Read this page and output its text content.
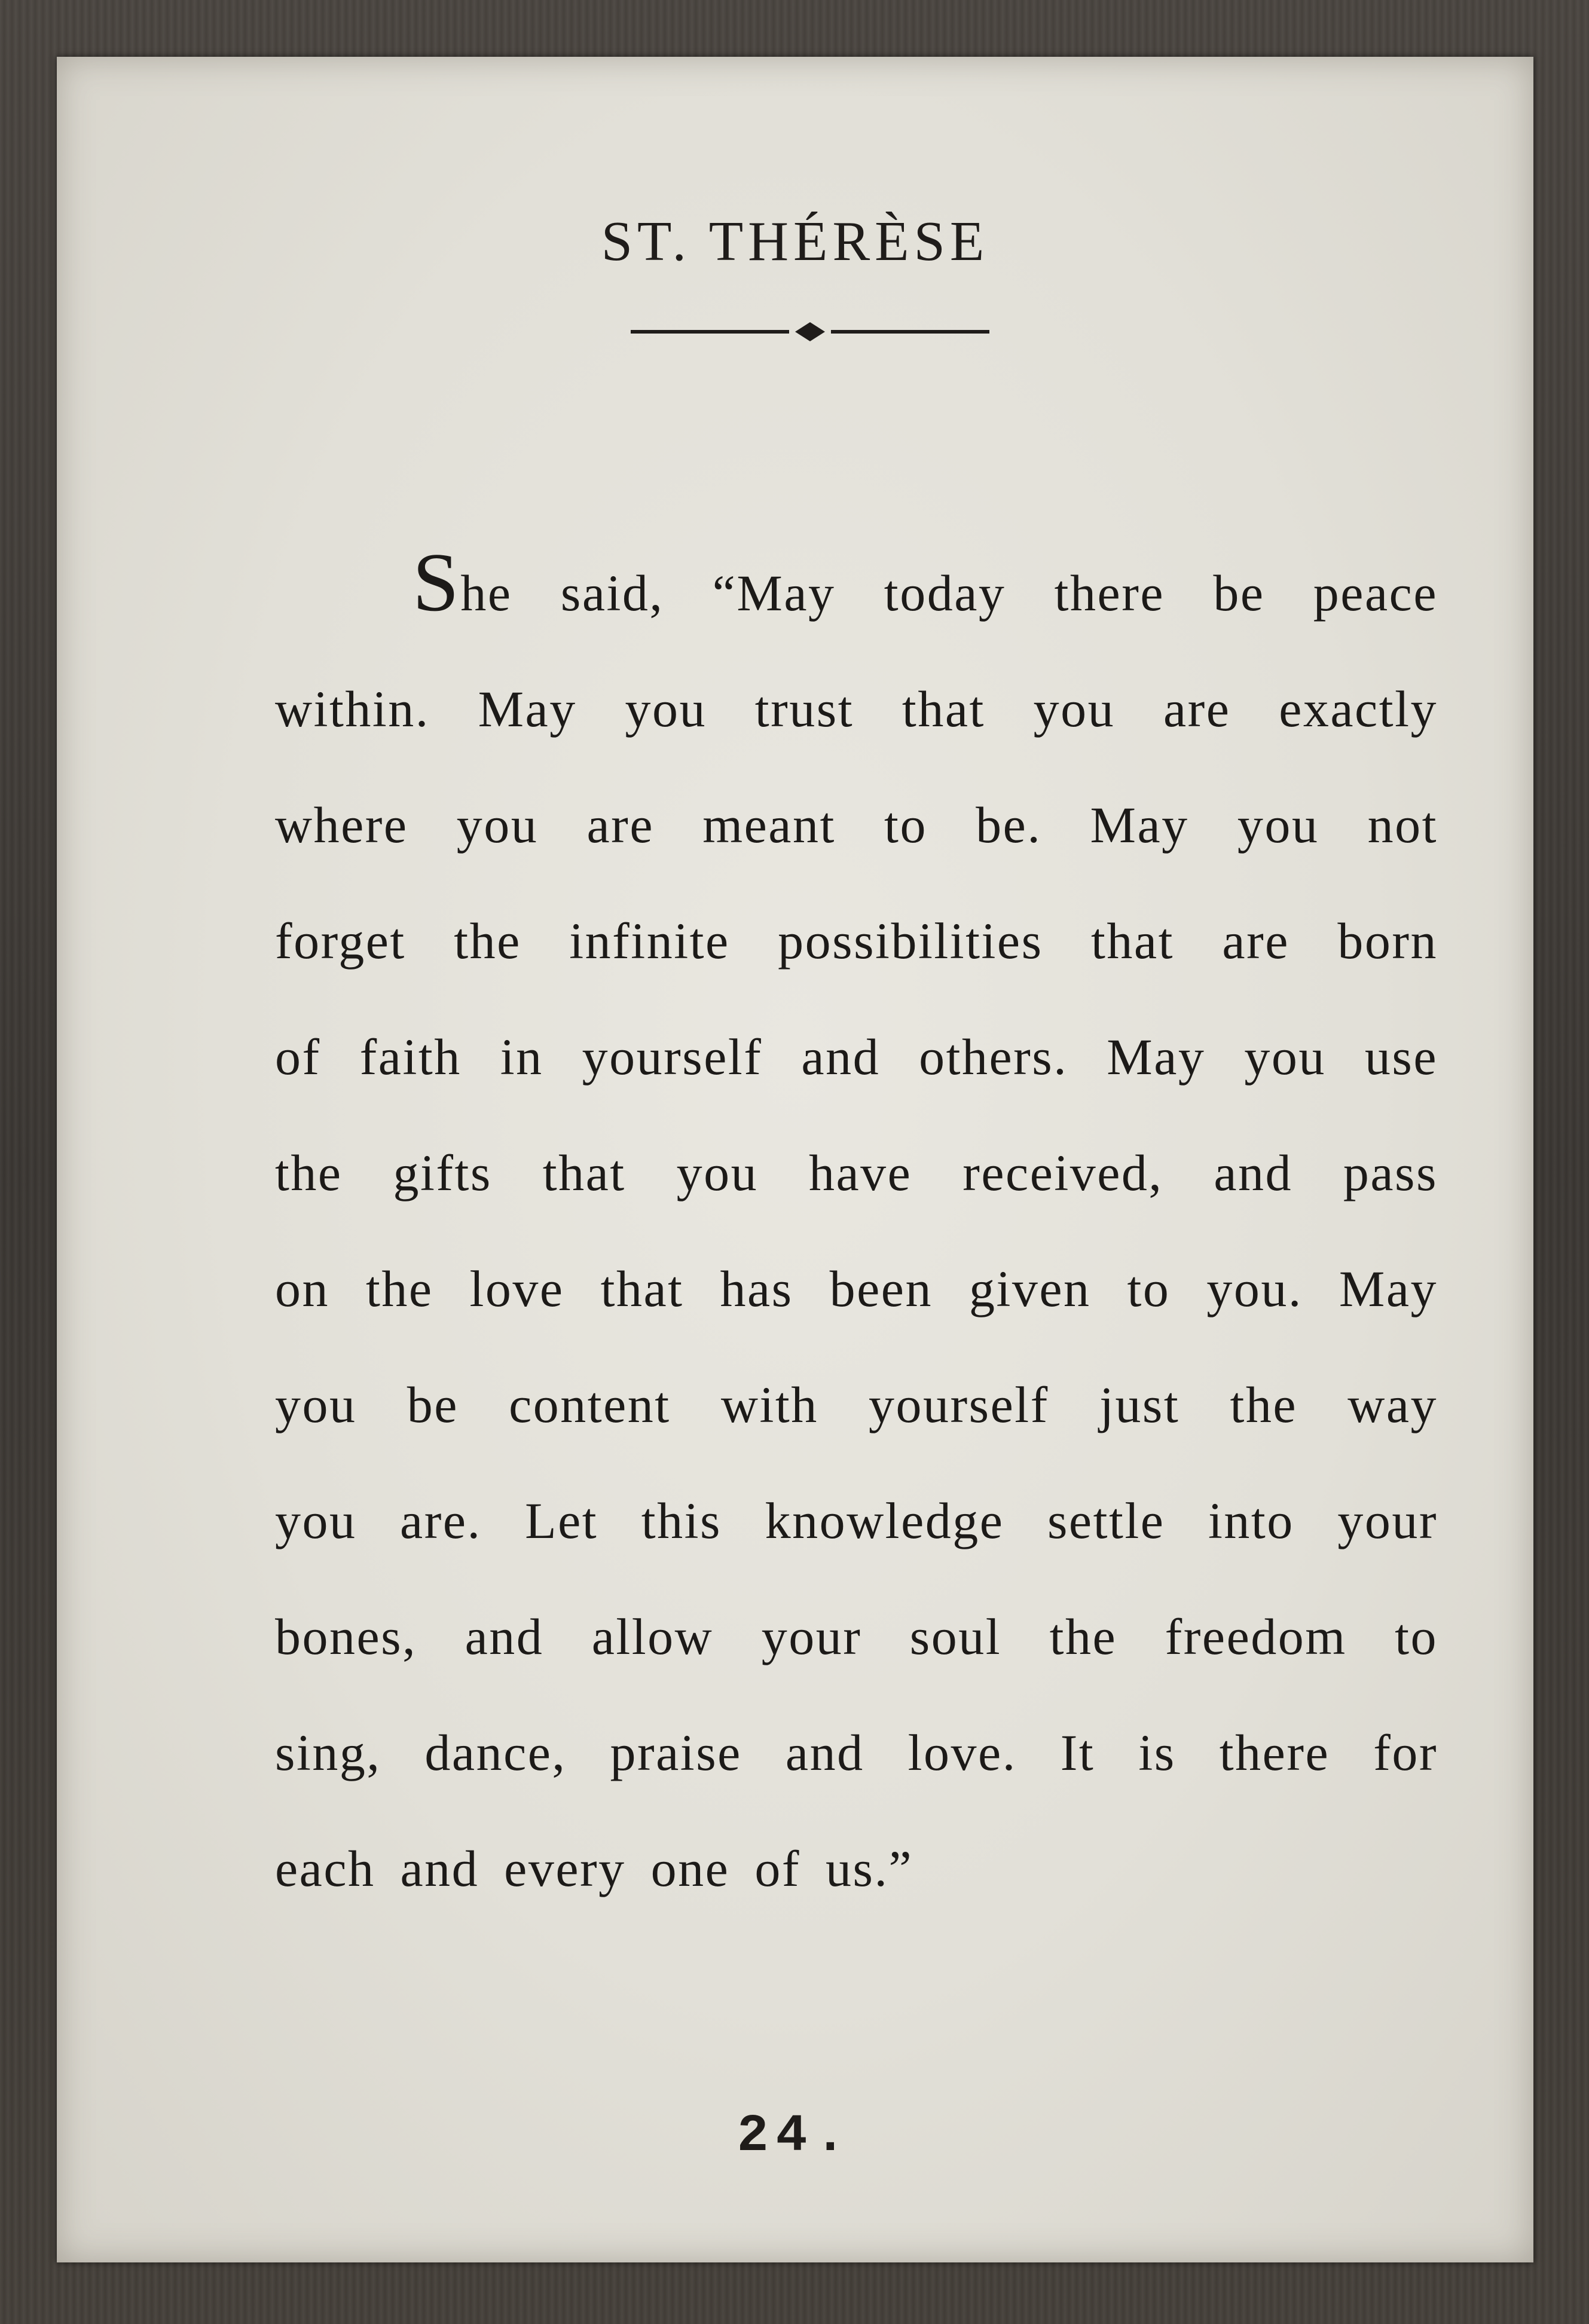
ST. THÉRÈSE
She said, “May today there be peace
within. May you trust that you are exactly
where you are meant to be. May you not
forget the infinite possibilities that are born
of faith in yourself and others. May you use
the gifts that you have received, and pass
on the love that has been given to you. May
you be content with yourself just the way
you are. Let this knowledge settle into your
bones, and allow your soul the freedom to
sing, dance, praise and love. It is there for
each and every one of us.”
24.
